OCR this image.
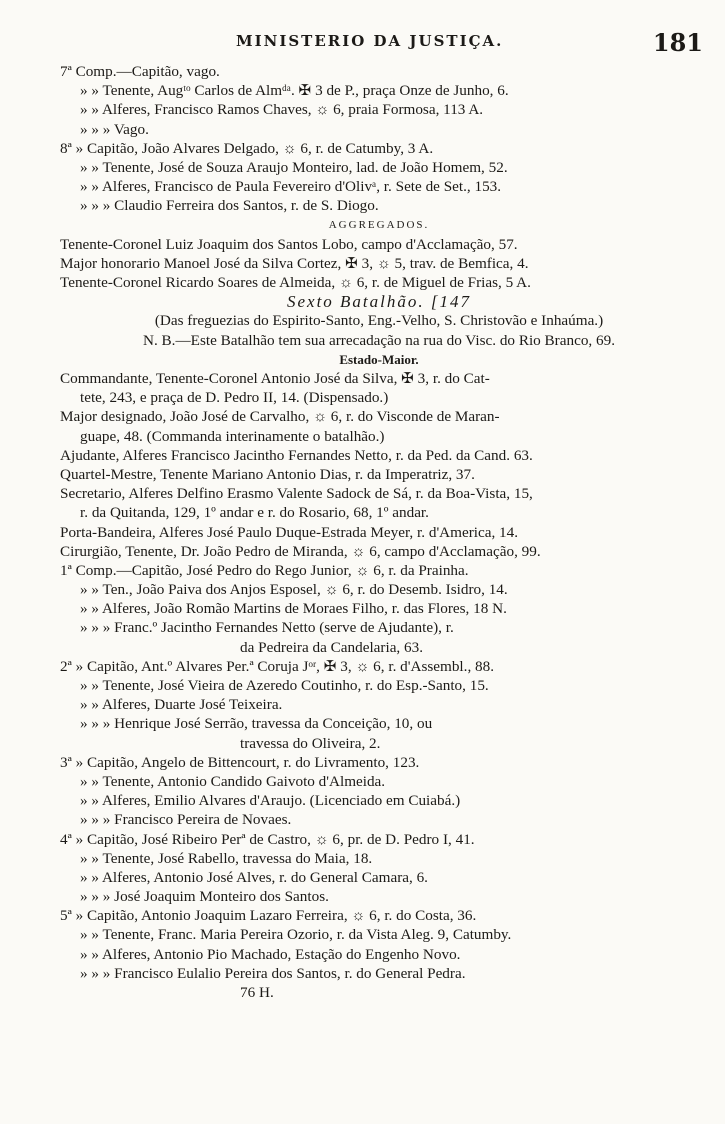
MINISTERIO DA JUSTIÇA.	181
7ª Comp.—Capitão, vago.
» » Tenente, Augᵗᵒ Carlos de Almᵈᵃ. ✠ 3 de P., praça Onze de Junho, 6.
» » Alferes, Francisco Ramos Chaves, ☼ 6, praia Formosa, 113 A.
» » » Vago.
8ª » Capitão, João Alvares Delgado, ☼ 6, r. de Catumby, 3 A.
» » Tenente, José de Souza Araujo Monteiro, lad. de João Homem, 52.
» » Alferes, Francisco de Paula Fevereiro d'Olivᵃ, r. Sete de Set., 153.
» » » Claudio Ferreira dos Santos, r. de S. Diogo.
AGGREGADOS.
Tenente-Coronel Luiz Joaquim dos Santos Lobo, campo d'Acclamação, 57.
Major honorario Manoel José da Silva Cortez, ✠ 3, ☼ 5, trav. de Bemfica, 4.
Tenente-Coronel Ricardo Soares de Almeida, ☼ 6, r. de Miguel de Frias, 5 A.
Sexto Batalhão. [147
(Das freguezias do Espirito-Santo, Eng.-Velho, S. Christovão e Inhaúma.)
N. B.—Este Batalhão tem sua arrecadação na rua do Visc. do Rio Branco, 69.
Estado-Maior.
Commandante, Tenente-Coronel Antonio José da Silva, ✠ 3, r. do Cat-
tete, 243, e praça de D. Pedro II, 14. (Dispensado.)
Major designado, João José de Carvalho, ☼ 6, r. do Visconde de Maran-
guape, 48. (Commanda interinamente o batalhão.)
Ajudante, Alferes Francisco Jacintho Fernandes Netto, r. da Ped. da Cand. 63.
Quartel-Mestre, Tenente Mariano Antonio Dias, r. da Imperatriz, 37.
Secretario, Alferes Delfino Erasmo Valente Sadock de Sá, r. da Boa-Vista, 15,
r. da Quitanda, 129, 1º andar e r. do Rosario, 68, 1º andar.
Porta-Bandeira, Alferes José Paulo Duque-Estrada Meyer, r. d'America, 14.
Cirurgião, Tenente, Dr. João Pedro de Miranda, ☼ 6, campo d'Acclamação, 99.
1ª Comp.—Capitão, José Pedro do Rego Junior, ☼ 6, r. da Prainha.
» » Ten., João Paiva dos Anjos Esposel, ☼ 6, r. do Desemb. Isidro, 14.
» » Alferes, João Romão Martins de Moraes Filho, r. das Flores, 18 N.
» » » Franc.º Jacintho Fernandes Netto (serve de Ajudante), r.
da Pedreira da Candelaria, 63.
2ª » Capitão, Ant.º Alvares Per.ª Coruja Jᵒʳ, ✠ 3, ☼ 6, r. d'Assembl., 88.
» » Tenente, José Vieira de Azeredo Coutinho, r. do Esp.-Santo, 15.
» » Alferes, Duarte José Teixeira.
» » » Henrique José Serrão, travessa da Conceição, 10, ou
travessa do Oliveira, 2.
3ª » Capitão, Angelo de Bittencourt, r. do Livramento, 123.
» » Tenente, Antonio Candido Gaivoto d'Almeida.
» » Alferes, Emilio Alvares d'Araujo. (Licenciado em Cuiabá.)
» » » Francisco Pereira de Novaes.
4ª » Capitão, José Ribeiro Perª de Castro, ☼ 6, pr. de D. Pedro I, 41.
» » Tenente, José Rabello, travessa do Maia, 18.
» » Alferes, Antonio José Alves, r. do General Camara, 6.
» » » José Joaquim Monteiro dos Santos.
5ª » Capitão, Antonio Joaquim Lazaro Ferreira, ☼ 6, r. do Costa, 36.
» » Tenente, Franc. Maria Pereira Ozorio, r. da Vista Aleg. 9, Catumby.
» » Alferes, Antonio Pio Machado, Estação do Engenho Novo.
» » » Francisco Eulalio Pereira dos Santos, r. do General Pedra.
76 H.
